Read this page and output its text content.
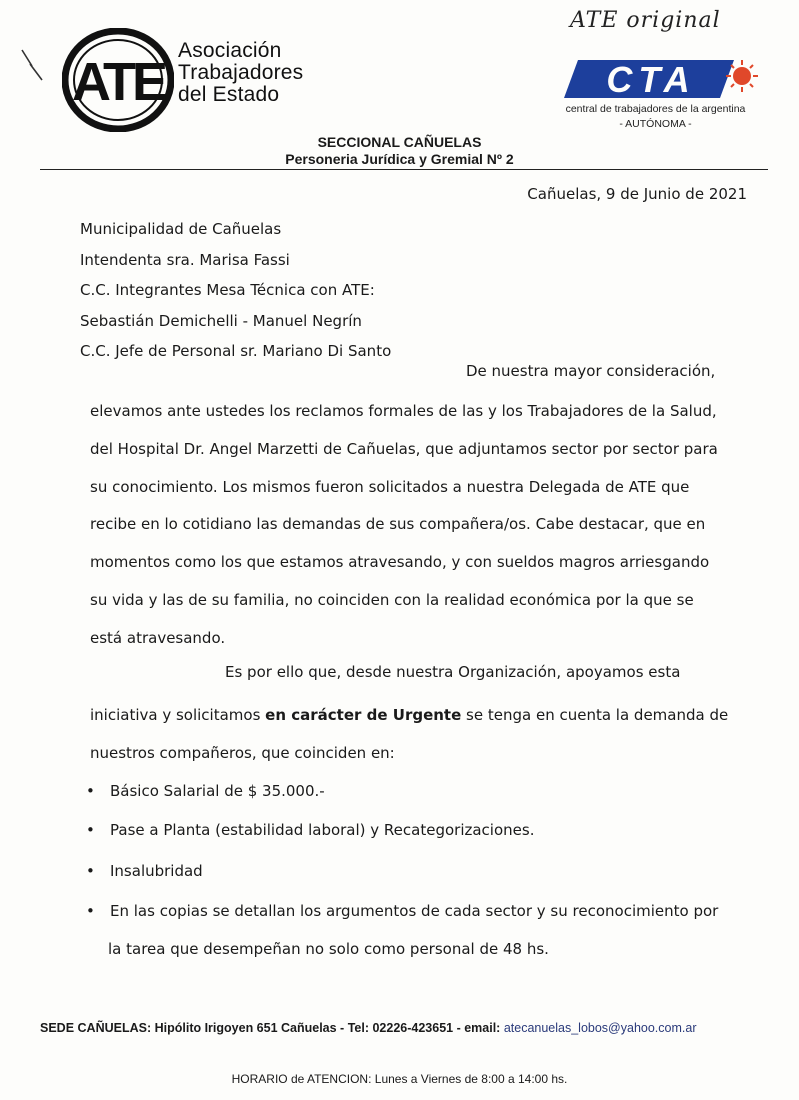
ATE
Asociación
Trabajadores
del Estado
ATE original
CTA
central de trabajadores de la argentina
- AUTÓNOMA -
SECCIONAL CAÑUELAS
Personeria Jurídica y Gremial Nº 2
Cañuelas, 9 de Junio de 2021
Municipalidad de Cañuelas
Intendenta sra. Marisa Fassi
C.C. Integrantes Mesa Técnica con ATE:
Sebastián Demichelli - Manuel Negrín
C.C. Jefe de Personal sr. Mariano Di Santo
De nuestra mayor consideración,
elevamos ante ustedes los reclamos formales de las y los Trabajadores de la Salud,
del Hospital Dr. Angel Marzetti de Cañuelas, que adjuntamos sector por sector para
su conocimiento. Los mismos fueron solicitados a nuestra Delegada de ATE que
recibe en lo cotidiano las demandas de sus compañera/os. Cabe destacar, que en
momentos como los que estamos atravesando, y con sueldos magros arriesgando
su vida y las de su familia, no coinciden con la realidad económica por la que se
está atravesando.
Es por ello que, desde nuestra Organización, apoyamos esta
iniciativa y solicitamos en carácter de Urgente se tenga en cuenta la demanda de
nuestros compañeros, que coinciden en:
• Básico Salarial de $ 35.000.-
• Pase a Planta (estabilidad laboral) y Recategorizaciones.
• Insalubridad
• En las copias se detallan los argumentos de cada sector y su reconocimiento por
la tarea que desempeñan no solo como personal de 48 hs.
SEDE CAÑUELAS: Hipólito Irigoyen 651 Cañuelas - Tel: 02226-423651 - email: atecanuelas_lobos@yahoo.com.ar
HORARIO de ATENCION: Lunes a Viernes de 8:00 a 14:00 hs.
